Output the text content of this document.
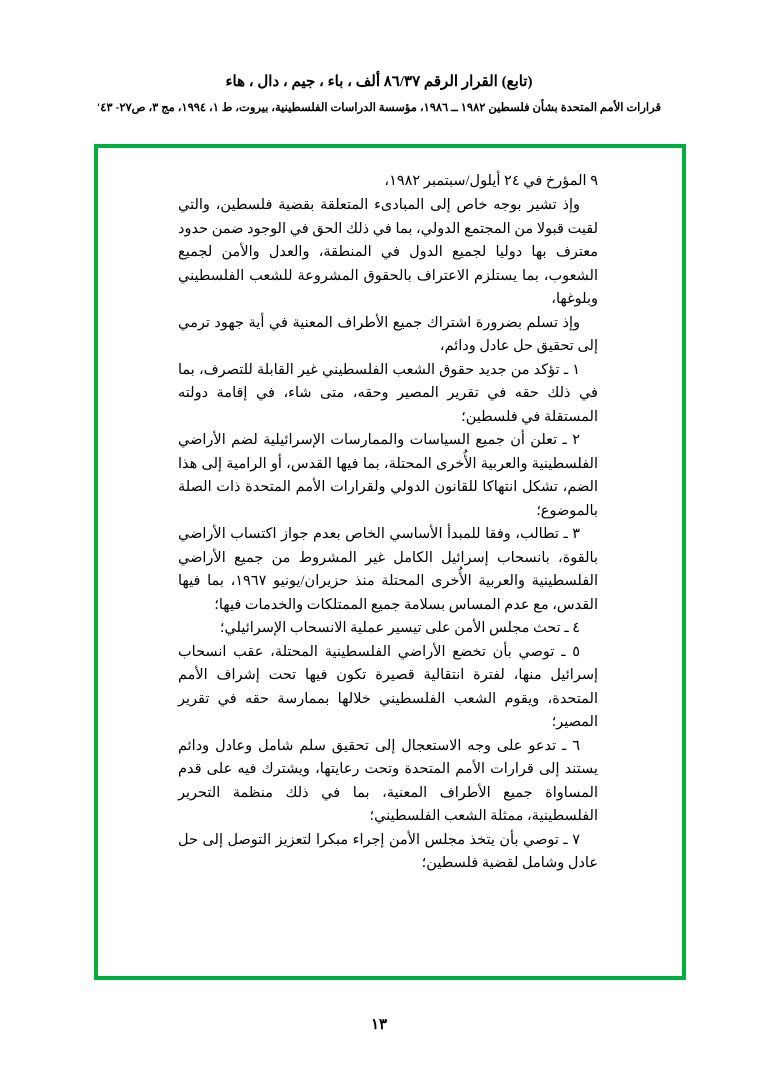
(تابع) القرار الرقم ٨٦/٣٧ ألف ، باء ، جيم ، دال ، هاء
قرارات الأمم المتحدة بشأن فلسطين ١٩٨٢ ــ ١٩٨٦، مؤسسة الدراسات الفلسطينية، بيروت، ط ١، ١٩٩٤، مج ٣، ص٢٧- ٤٣'

٩ المؤرخ في ٢٤ أيلول/سبتمبر ١٩٨٢،

وإذ تشير بوجه خاص إلى المبادىء المتعلقة بقضية فلسطين، والتي لقيت قبولا من المجتمع الدولي، بما في ذلك الحق في الوجود ضمن حدود معترف بها دوليا لجميع الدول في المنطقة، والعدل والأمن لجميع الشعوب، بما يستلزم الاعتراف بالحقوق المشروعة للشعب الفلسطيني وبلوغها،

وإذ تسلم بضرورة اشتراك جميع الأطراف المعنية في أية جهود ترمي إلى تحقيق حل عادل ودائم،

١ ـ تؤكد من جديد حقوق الشعب الفلسطيني غير القابلة للتصرف، بما في ذلك حقه في تقرير المصير وحقه، متى شاء، في إقامة دولته المستقلة في فلسطين؛

٢ ـ تعلن أن جميع السياسات والممارسات الإسرائيلية لضم الأراضي الفلسطينية والعربية الأُخرى المحتلة، بما فيها القدس، أو الرامية إلى هذا الضم، تشكل انتهاكا للقانون الدولي ولقرارات الأمم المتحدة ذات الصلة بالموضوع؛

٣ ـ تطالب، وفقا للمبدأ الأساسي الخاص بعدم جواز اكتساب الأراضي بالقوة، بانسحاب إسرائيل الكامل غير المشروط من جميع الأراضي الفلسطينية والعربية الأُخرى المحتلة منذ حزيران/يونيو ١٩٦٧، بما فيها القدس، مع عدم المساس بسلامة جميع الممتلكات والخدمات فيها؛

٤ ـ تحث مجلس الأمن على تيسير عملية الانسحاب الإسرائيلي؛

٥ ـ توصي بأن تخضع الأراضي الفلسطينية المحتلة، عقب انسحاب إسرائيل منها، لفترة انتقالية قصيرة تكون فيها تحت إشراف الأمم المتحدة، ويقوم الشعب الفلسطيني خلالها بممارسة حقه في تقرير المصير؛

٦ ـ تدعو على وجه الاستعجال إلى تحقيق سلم شامل وعادل ودائم يستند إلى قرارات الأمم المتحدة وتحت رعايتها، ويشترك فيه على قدم المساواة جميع الأطراف المعنية، بما في ذلك منظمة التحرير الفلسطينية، ممثلة الشعب الفلسطيني؛

٧ ـ توصي بأن يتخذ مجلس الأمن إجراء مبكرا لتعزيز التوصل إلى حل عادل وشامل لقضية فلسطين؛

١٣
